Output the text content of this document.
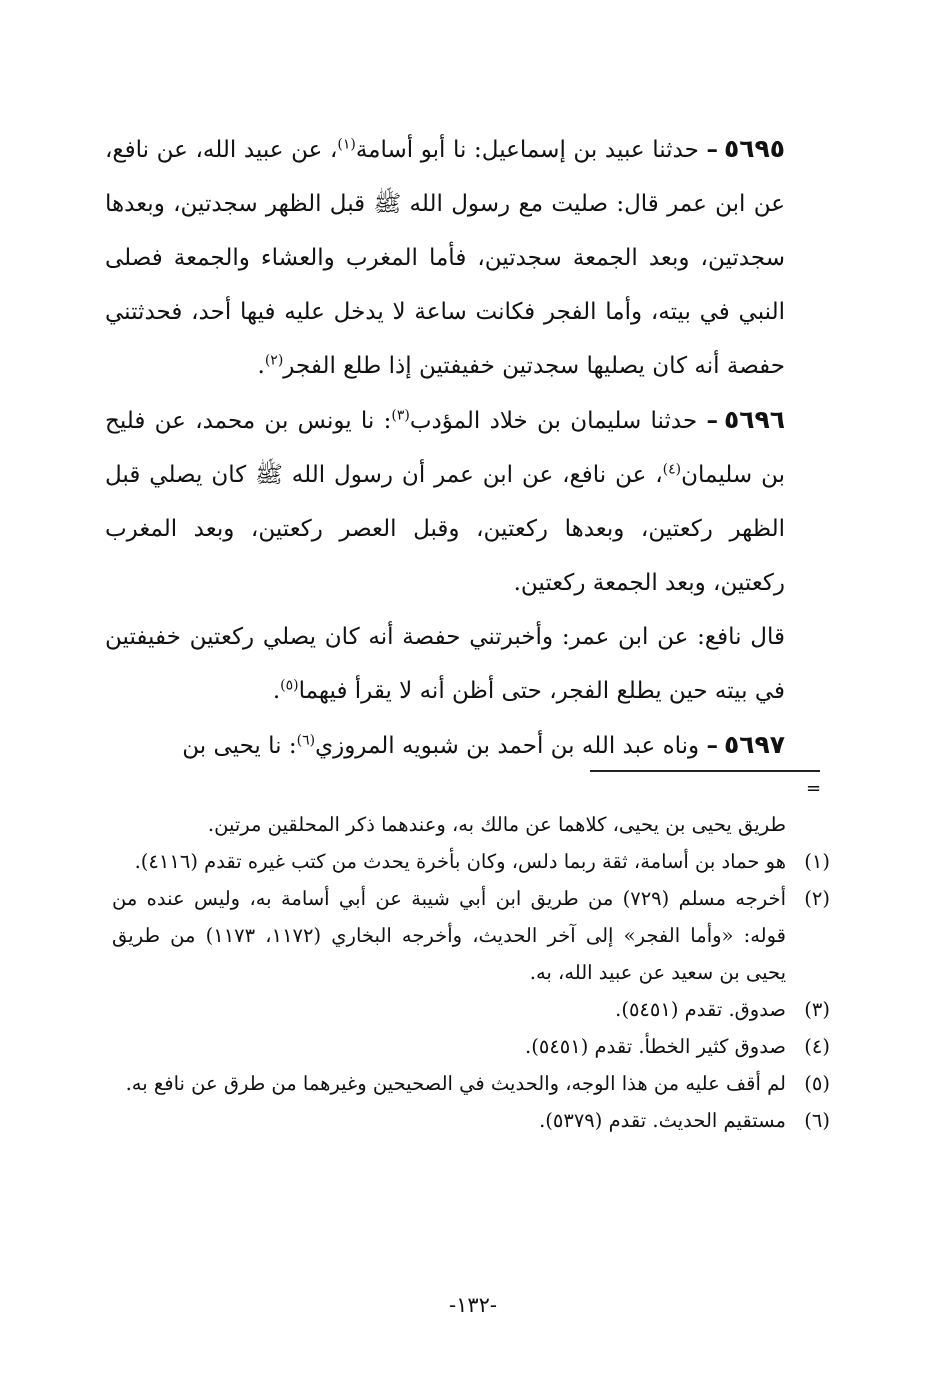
٥٦٩٥– حدثنا عبيد بن إسماعيل: نا أبو أسامة$^{(١)}$، عن عبيد الله، عن نافع، عن ابن عمر قال: صليت مع رسول الله ﷺ قبل الظهر سجدتين، وبعدها سجدتين، وبعد الجمعة سجدتين، فأما المغرب والعشاء والجمعة فصلى النبي في بيته، وأما الفجر فكانت ساعة لا يدخل عليه فيها أحد، فحدثتني حفصة أنه كان يصليها سجدتين خفيفتين إذا طلع الفجر$^{(٢)}$.

٥٦٩٦– حدثنا سليمان بن خلاد المؤدب$^{(٣)}$: نا يونس بن محمد، عن فليح بن سليمان$^{(٤)}$، عن نافع، عن ابن عمر أن رسول الله ﷺ كان يصلي قبل الظهر ركعتين، وبعدها ركعتين، وقبل العصر ركعتين، وبعد المغرب ركعتين، وبعد الجمعة ركعتين.

قال نافع: عن ابن عمر: وأخبرتني حفصة أنه كان يصلي ركعتين خفيفتين في بيته حين يطلع الفجر، حتى أظن أنه لا يقرأ فيهما$^{(٥)}$.

٥٦٩٧– وناه عبد الله بن أحمد بن شبويه المروزي$^{(٦)}$: نا يحيى بن

=

طريق يحيى بن يحيى، كلاهما عن مالك به، وعندهما ذكر المحلقين مرتين.

(١)
هو حماد بن أسامة، ثقة ربما دلس، وكان بأخرة يحدث من كتب غيره تقدم (٤١١٦).
(٢)
أخرجه مسلم (٧٢٩) من طريق ابن أبي شيبة عن أبي أسامة به، وليس عنده من قوله: «وأما الفجر» إلى آخر الحديث، وأخرجه البخاري (١١٧٢، ١١٧٣) من طريق يحيى بن سعيد عن عبيد الله، به.
(٣)
صدوق. تقدم (٥٤٥١).
(٤)
صدوق كثير الخطأ. تقدم (٥٤٥١).
(٥)
لم أقف عليه من هذا الوجه، والحديث في الصحيحين وغيرهما من طرق عن نافع به.
(٦)
مستقيم الحديث. تقدم (٥٣٧٩).
-١٣٢-
